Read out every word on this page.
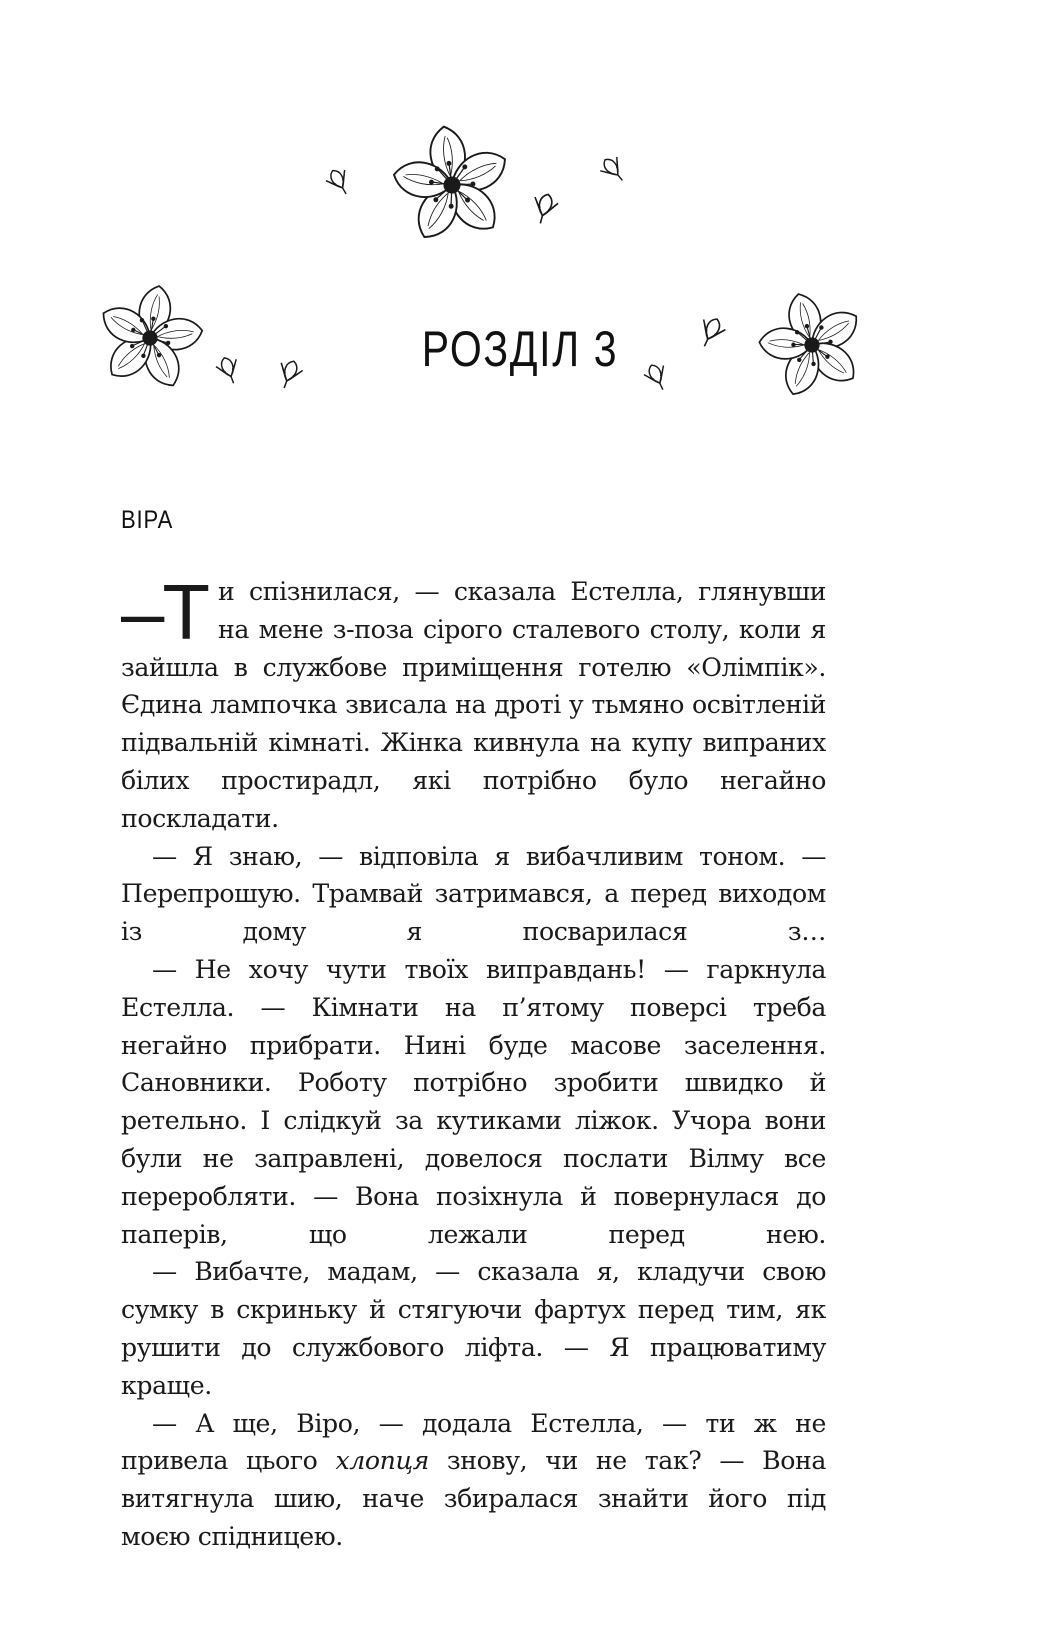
РОЗДІЛ 3
ВІРА

–Т и спізнилася, — сказала Естелла, глянувши на мене з-поза сірого сталевого столу, коли я зайшла в службове приміщення готелю «Олімпік». Єдина лампочка звисала на дроті у тьмяно освітленій підвальній кімнаті. Жінка кивнула на купу випраних білих простирадл, які потрібно було негайно поскладати.

— Я знаю, — відповіла я вибачливим тоном. — Перепрошую. Трамвай затримався, а перед виходом із дому я посварилася з…

— Не хочу чути твоїх виправдань! — гаркнула Естелла. — Кімнати на п’ятому поверсі треба негайно прибрати. Нині буде масове заселення. Сановники. Роботу потрібно зробити швидко й ретельно. І слідкуй за кутиками ліжок. Учора вони були не заправлені, довелося послати Вілму все переробляти. — Вона позіхнула й повернулася до паперів, що лежали перед нею.

— Вибачте, мадам, — сказала я, кладучи свою сумку в скриньку й стягуючи фартух перед тим, як рушити до службового ліфта. — Я працюватиму краще.

— А ще, Віро, — додала Естелла, — ти ж не привела цього хлопця знову, чи не так? — Вона витягнула шию, наче збиралася знайти його під моєю спідницею.
